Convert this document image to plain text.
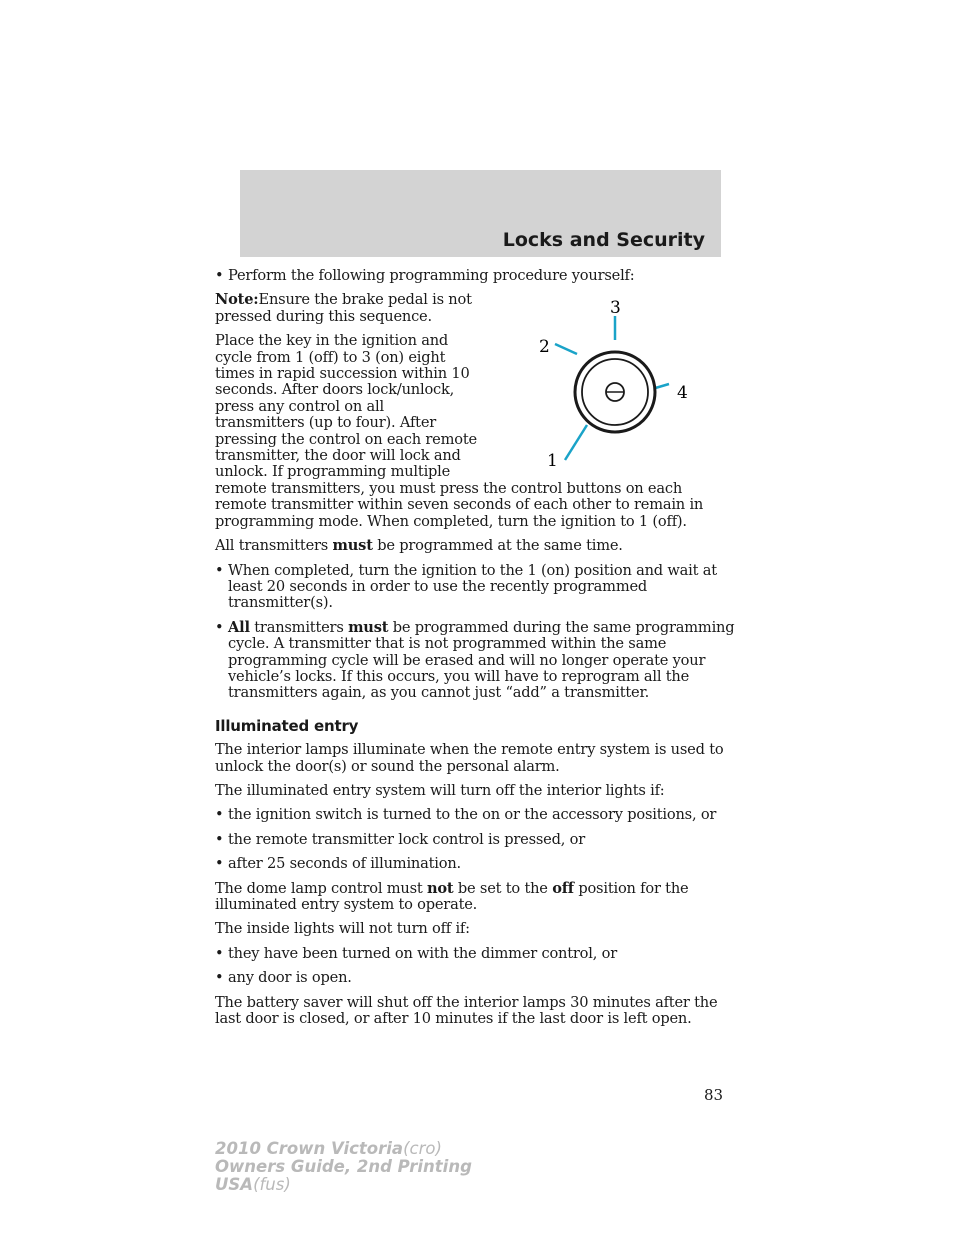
Locks and Security
• Perform the following programming procedure yourself:
1
2
3
4

Note:Ensure the brake pedal is not pressed during this sequence.

Place the key in the ignition and cycle from 1 (off) to 3 (on) eight times in rapid succession within 10 seconds. After doors lock/unlock, press any control on all transmitters (up to four). After pressing the control on each remote transmitter, the door will lock and unlock. If programming multiple remote transmitters, you must press the control buttons on each remote transmitter within seven seconds of each other to remain in programming mode. When completed, turn the ignition to 1 (off).

All transmitters must be programmed at the same time.

• When completed, turn the ignition to the 1 (on) position and wait at least 20 seconds in order to use the recently programmed transmitter(s).
• All transmitters must be programmed during the same programming cycle. A transmitter that is not programmed within the same programming cycle will be erased and will no longer operate your vehicle’s locks. If this occurs, you will have to reprogram all the transmitters again, as you cannot just “add” a transmitter.
Illuminated entry

The interior lamps illuminate when the remote entry system is used to unlock the door(s) or sound the personal alarm.

The illuminated entry system will turn off the interior lights if:

• the ignition switch is turned to the on or the accessory positions, or
• the remote transmitter lock control is pressed, or
• after 25 seconds of illumination.

The dome lamp control must not be set to the off position for the illuminated entry system to operate.

The inside lights will not turn off if:

• they have been turned on with the dimmer control, or
• any door is open.

The battery saver will shut off the interior lamps 30 minutes after the last door is closed, or after 10 minutes if the last door is left open.

83
2010 Crown Victoria(cro)
Owners Guide, 2nd Printing
USA(fus)
